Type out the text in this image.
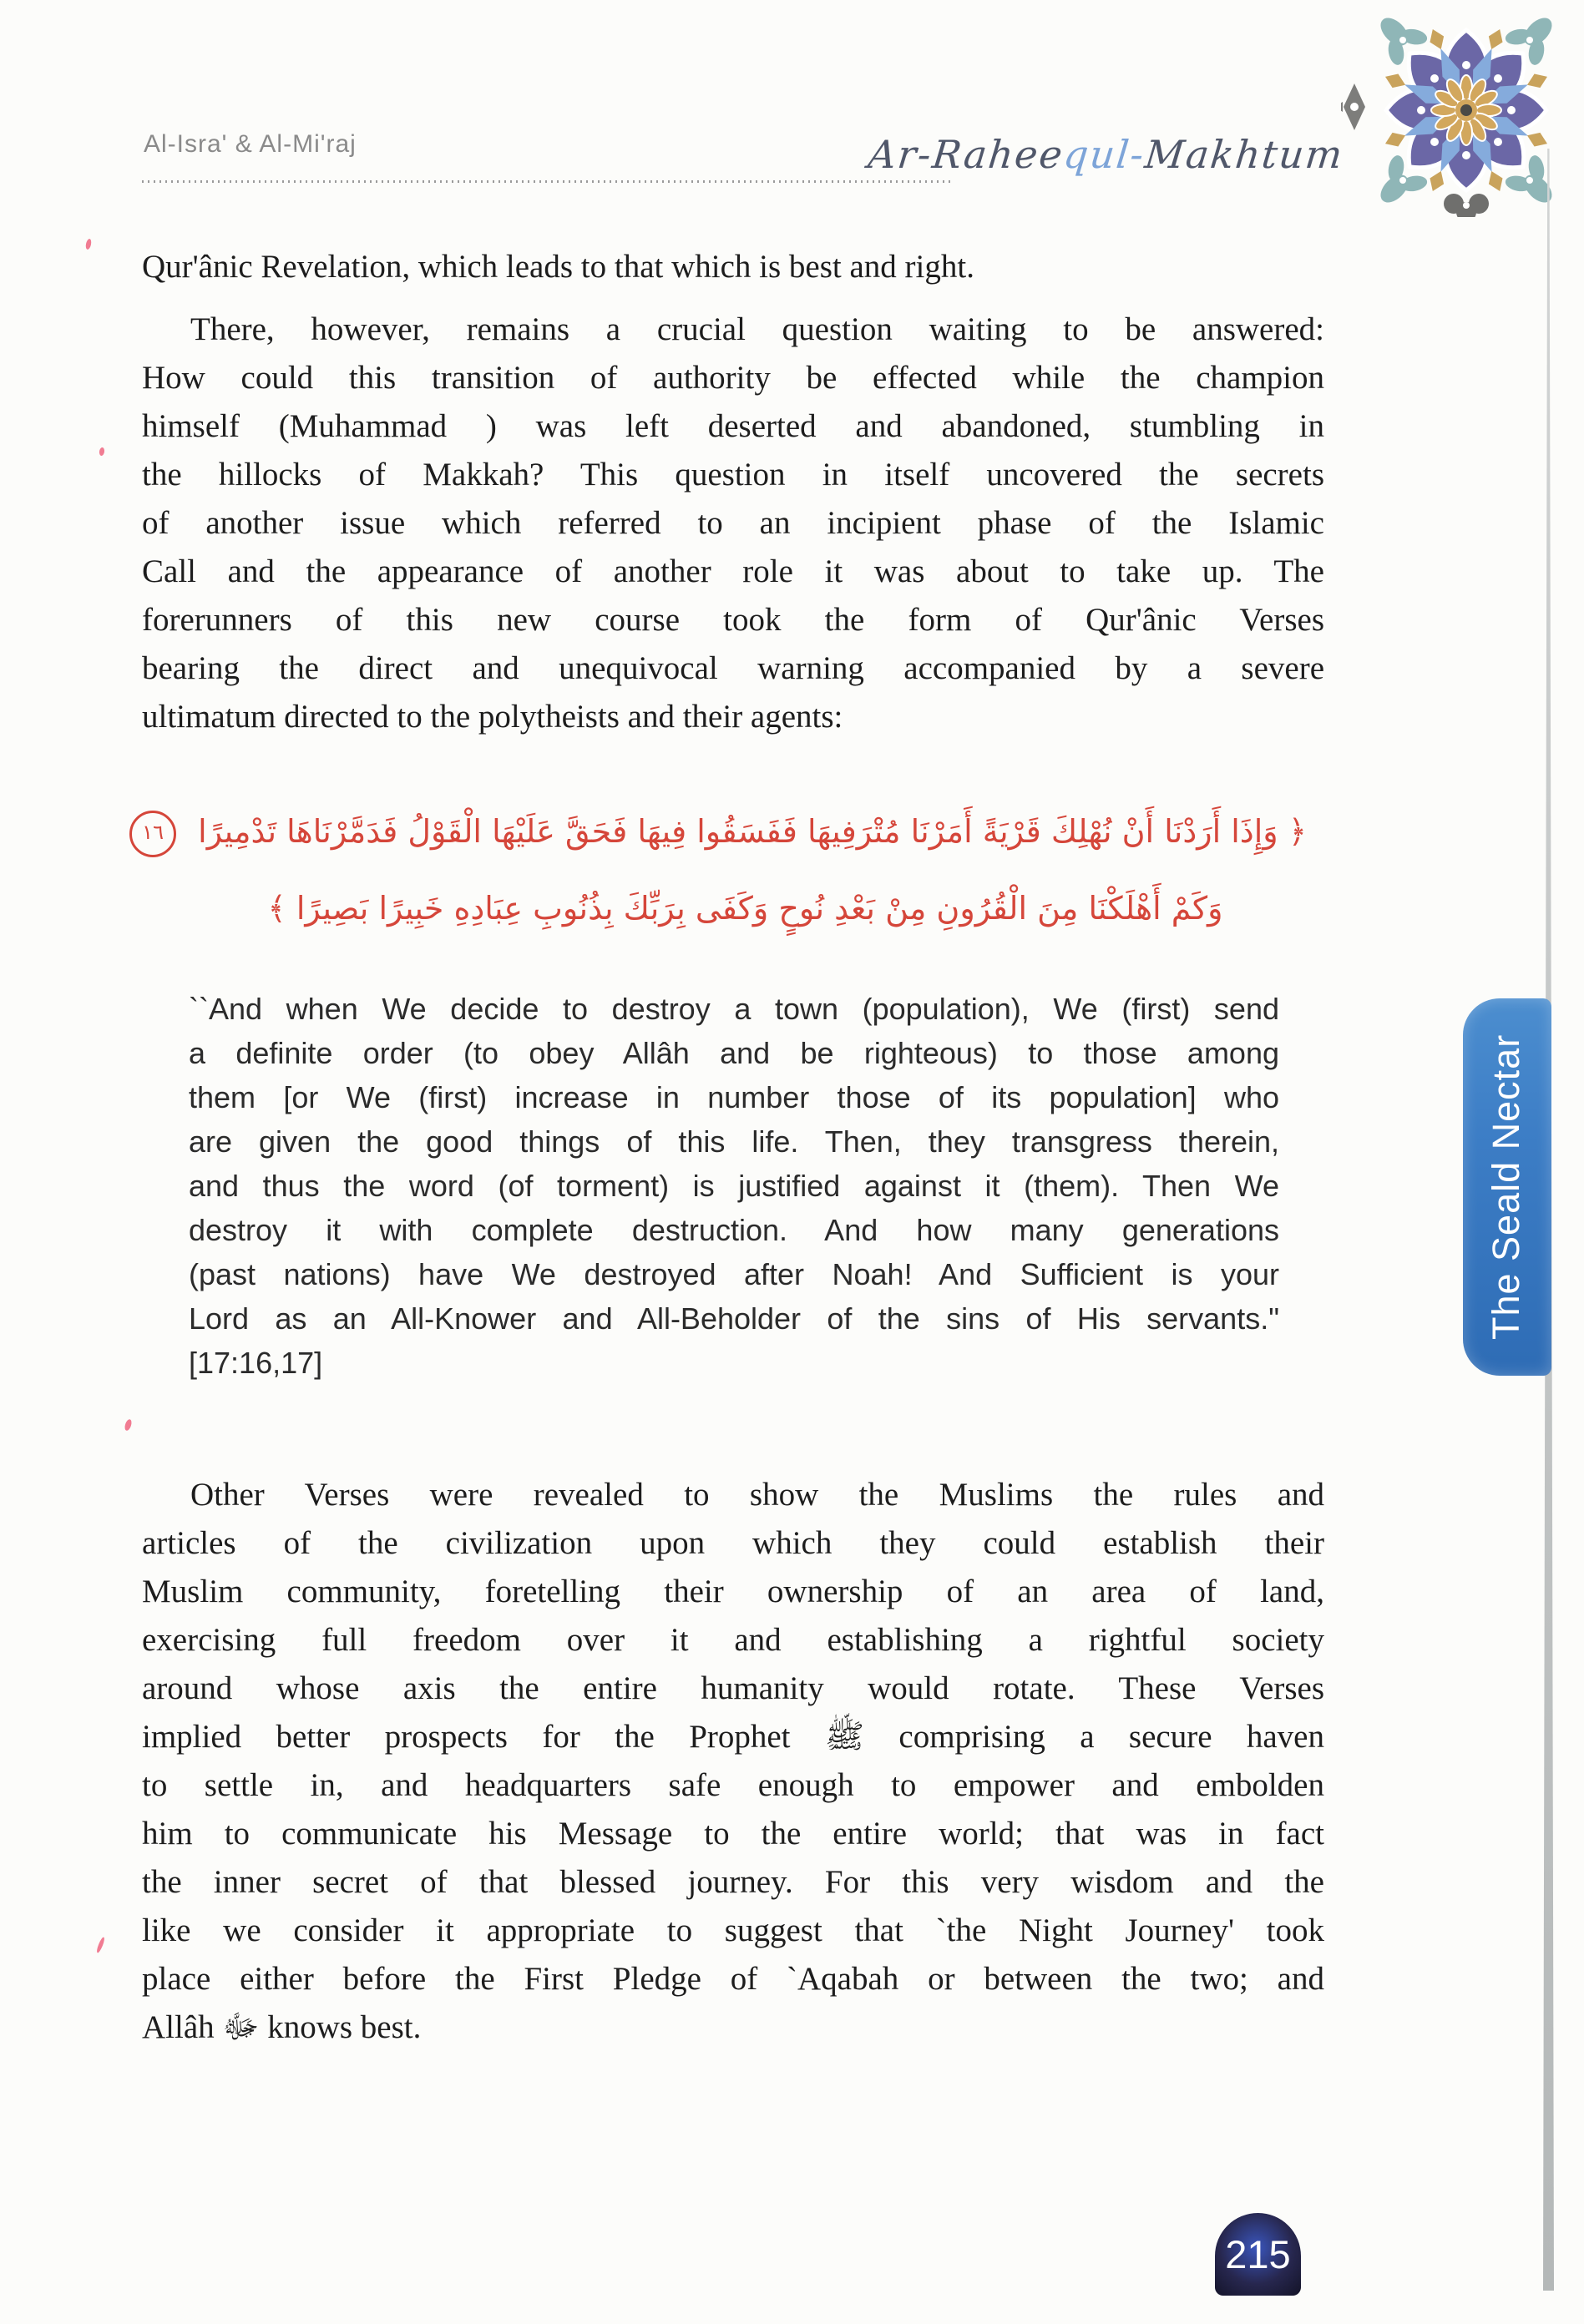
Al-Isra' & Al-Mi'raj	Ar-Raheequl-Makhtum
Qur'ânic Revelation, which leads to that which is best and right.
There, however, remains a crucial question waiting to be answered:
How could this transition of authority be effected while the champion
himself (Muhammad ) was left deserted and abandoned, stumbling in
the hillocks of Makkah? This question in itself uncovered the secrets
of another issue which referred to an incipient phase of the Islamic
Call and the appearance of another role it was about to take up. The
forerunners of this new course took the form of Qur'ânic Verses
bearing the direct and unequivocal warning accompanied by a severe
ultimatum directed to the polytheists and their agents:
﴿ وَإِذَا أَرَدْنَا أَنْ نُهْلِكَ قَرْيَةً أَمَرْنَا مُتْرَفِيهَا فَفَسَقُوا فِيهَا فَحَقَّ عَلَيْهَا الْقَوْلُ فَدَمَّرْنَاهَا تَدْمِيرًا ١٦
وَكَمْ أَهْلَكْنَا مِنَ الْقُرُونِ مِنْ بَعْدِ نُوحٍ وَكَفَى بِرَبِّكَ بِذُنُوبِ عِبَادِهِ خَبِيرًا بَصِيرًا ﴾
``And when We decide to destroy a town (population), We (first) send
a definite order (to obey Allâh and be righteous) to those among
them [or We (first) increase in number those of its population] who
are given the good things of this life. Then, they transgress therein,
and thus the word (of torment) is justified against it (them). Then We
destroy it with complete destruction. And how many generations
(past nations) have We destroyed after Noah! And Sufficient is your
Lord as an All-Knower and All-Beholder of the sins of His servants."
[17:16,17]
Other Verses were revealed to show the Muslims the rules and
articles of the civilization upon which they could establish their
Muslim community, foretelling their ownership of an area of land,
exercising full freedom over it and establishing a rightful society
around whose axis the entire humanity would rotate. These Verses
implied better prospects for the Prophet ﷺ comprising a secure haven
to settle in, and headquarters safe enough to empower and embolden
him to communicate his Message to the entire world; that was in fact
the inner secret of that blessed journey. For this very wisdom and the
like we consider it appropriate to suggest that `the Night Journey' took
place either before the First Pledge of `Aqabah or between the two; and
Allâh ﷻ knows best.
The Seald Nectar
215
